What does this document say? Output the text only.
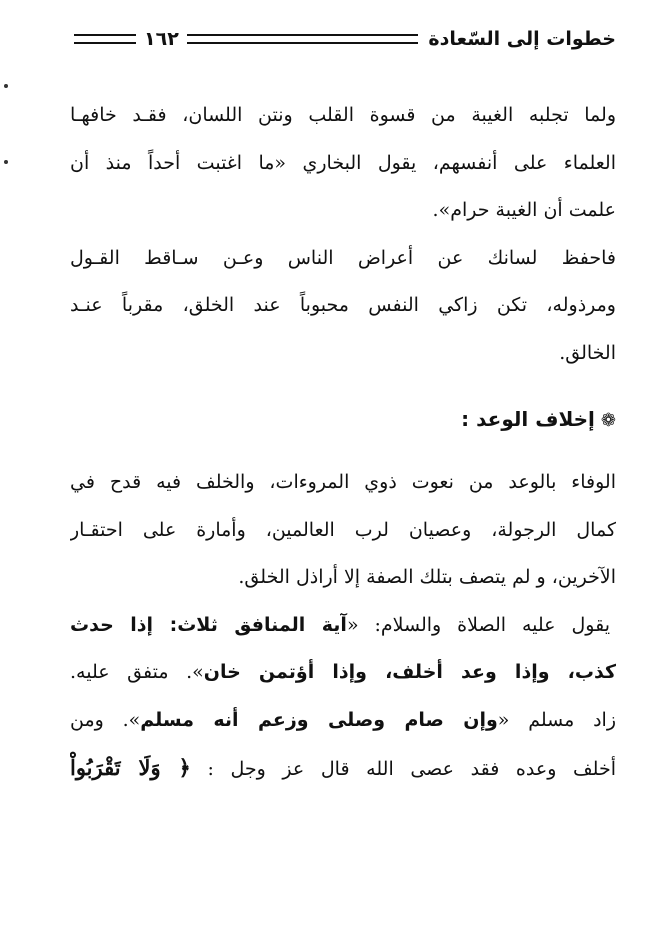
خطوات إلى السّعادة
١٦٢

ولما تجلبه الغيبة من قسوة القلب ونتن اللسان، فقـد خافهـا
العلماء على أنفسهم، يقول البخاري «ما اغتبت أحداً منذ أن
علمت أن الغيبة حرام».

فاحفظ لسانك عن أعراض الناس وعـن سـاقط القـول
ومرذوله، تكن زاكي النفس محبوباً عند الخلق، مقرباً عنـد
الخالق.

❁إخلاف الوعد :

الوفاء بالوعد من نعوت ذوي المروءات، والخلف فيه قدح في
كمال الرجولة، وعصيان لرب العالمين، وأمارة على احتقـار
الآخرين، و لم يتصف بتلك الصفة إلا أراذل الخلق.

يقول عليه الصلاة والسلام: «آية المنافق ثلاث: إذا حدث
كذب، وإذا وعد أخلف، وإذا أؤتمن خان». متفق عليه.
زاد مسلم «وإن صام وصلى وزعم أنه مسلم». ومن
أخلف وعده فقد عصى الله قال عز وجل : ﴿ وَلَا تَقْرَبُواْ
